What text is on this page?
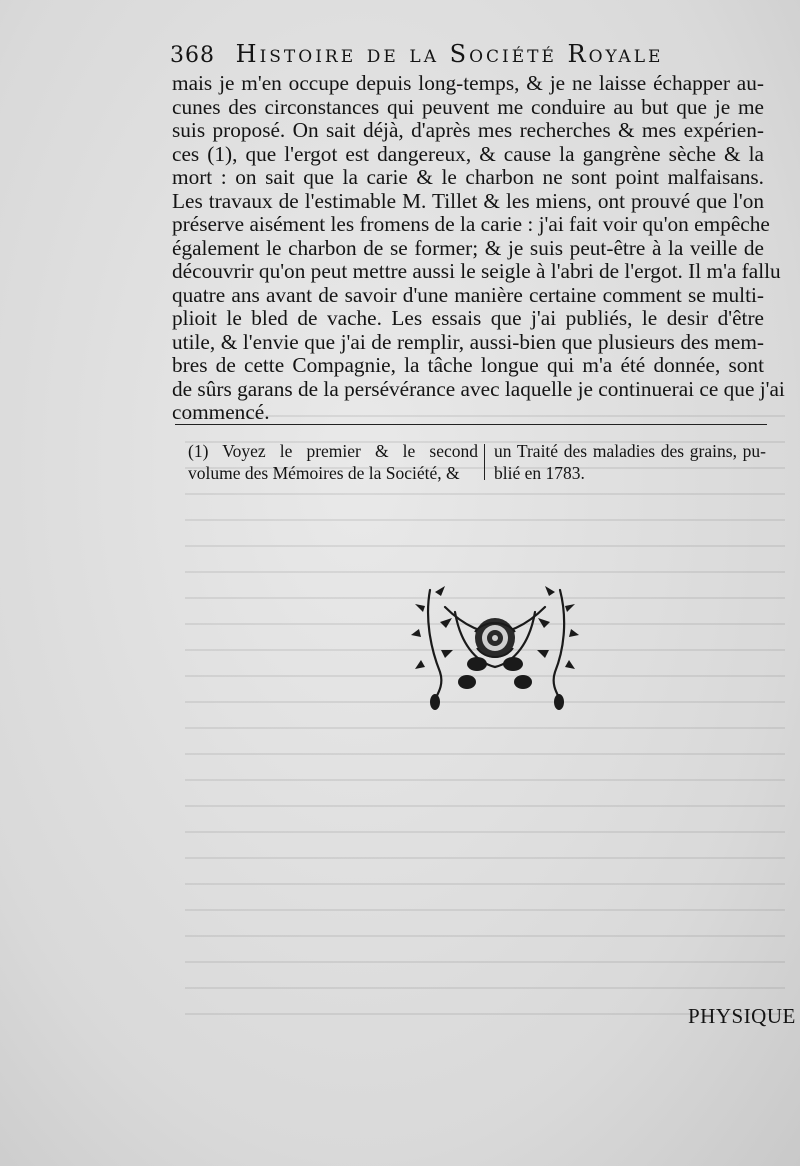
368 Histoire de la Société Royale
mais je m'en occupe depuis long-temps, & je ne laisse échapper au-
cunes des circonstances qui peuvent me conduire au but que je me
suis proposé. On sait déjà, d'après mes recherches & mes expérien-
ces (1), que l'ergot est dangereux, & cause la gangrène sèche & la
mort : on sait que la carie & le charbon ne sont point malfaisans.
Les travaux de l'estimable M. Tillet & les miens, ont prouvé que l'on
préserve aisément les fromens de la carie : j'ai fait voir qu'on empêche
également le charbon de se former; & je suis peut-être à la veille de
découvrir qu'on peut mettre aussi le seigle à l'abri de l'ergot. Il m'a fallu
quatre ans avant de savoir d'une manière certaine comment se multi-
plioit le bled de vache. Les essais que j'ai publiés, le desir d'être
utile, & l'envie que j'ai de remplir, aussi-bien que plusieurs des mem-
bres de cette Compagnie, la tâche longue qui m'a été donnée, sont
de sûrs garans de la persévérance avec laquelle je continuerai ce que j'ai
commencé.
(1) Voyez le premier & le second
volume des Mémoires de la Société, &
un Traité des maladies des grains, pu-
blié en 1783.
PHYSIQUE
